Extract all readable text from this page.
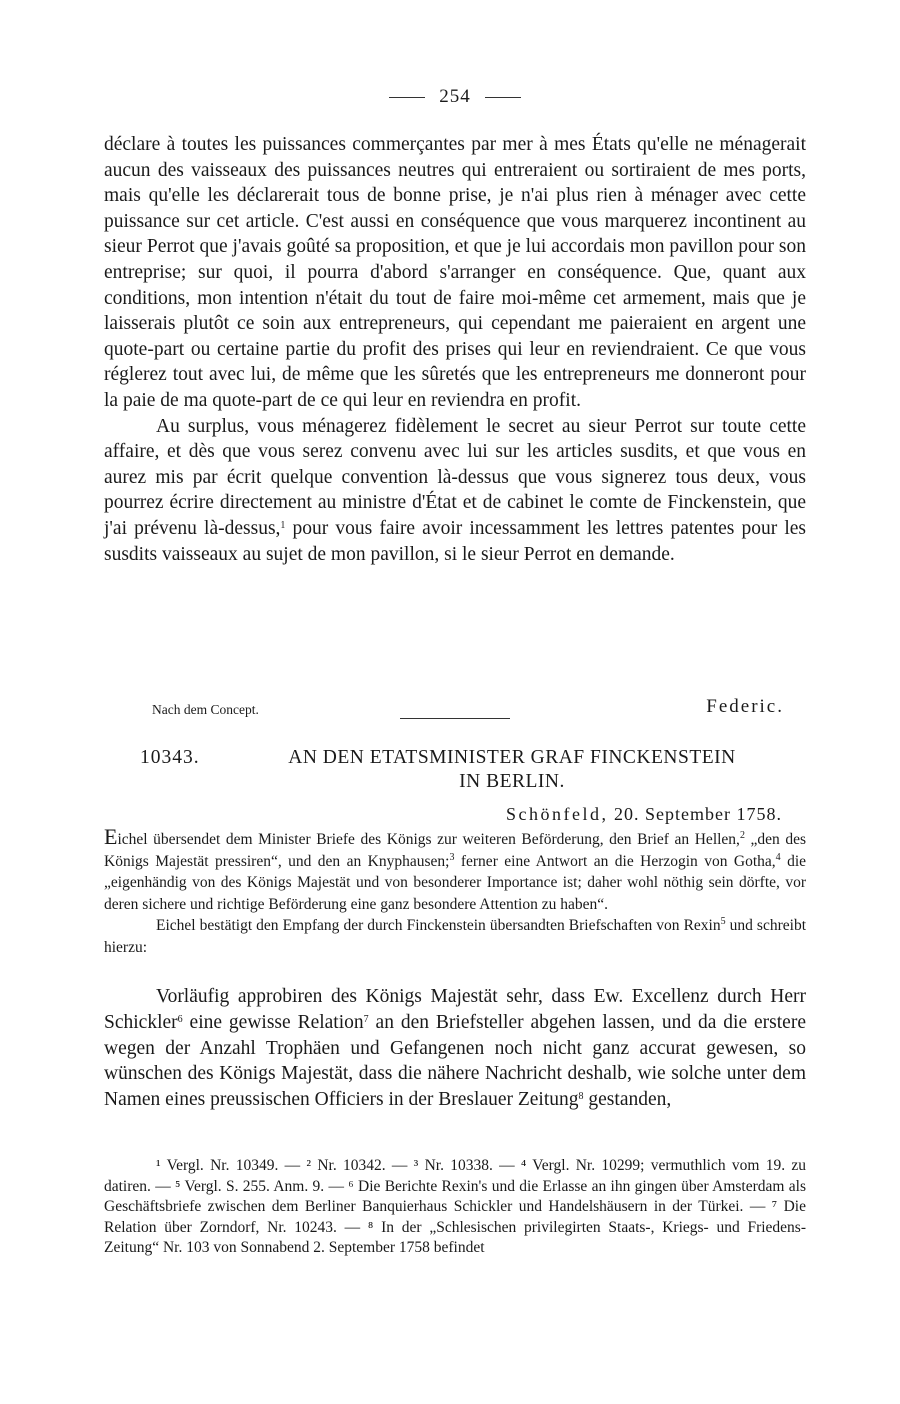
254

déclare à toutes les puissances commerçantes par mer à mes États qu'elle ne ménagerait aucun des vaisseaux des puissances neutres qui entreraient ou sortiraient de mes ports, mais qu'elle les déclarerait tous de bonne prise, je n'ai plus rien à ménager avec cette puissance sur cet article. C'est aussi en conséquence que vous marquerez incontinent au sieur Perrot que j'avais goûté sa proposition, et que je lui accordais mon pavillon pour son entreprise; sur quoi, il pourra d'abord s'arranger en conséquence. Que, quant aux conditions, mon intention n'était du tout de faire moi-même cet armement, mais que je laisserais plutôt ce soin aux entrepreneurs, qui cependant me paieraient en argent une quote-part ou certaine partie du profit des prises qui leur en reviendraient. Ce que vous réglerez tout avec lui, de même que les sûretés que les entrepreneurs me donneront pour la paie de ma quote-part de ce qui leur en reviendra en profit.

Au surplus, vous ménagerez fidèlement le secret au sieur Perrot sur toute cette affaire, et dès que vous serez convenu avec lui sur les articles susdits, et que vous en aurez mis par écrit quelque convention là-dessus que vous signerez tous deux, vous pourrez écrire directement au ministre d'État et de cabinet le comte de Finckenstein, que j'ai prévenu là-dessus,$^1$ pour vous faire avoir incessamment les lettres patentes pour les susdits vaisseaux au sujet de mon pavillon, si le sieur Perrot en demande.

Nach dem Concept.	Federic.
10343.	AN DEN ETATSMINISTER GRAF FINCKENSTEIN
IN BERLIN.
Schönfeld, 20. September 1758.

Eichel übersendet dem Minister Briefe des Königs zur weiteren Beförderung, den Brief an Hellen,$^2$ „den des Königs Majestät pressiren“, und den an Knyphausen;$^3$ ferner eine Antwort an die Herzogin von Gotha,$^4$ die „eigenhändig von des Königs Majestät und von besonderer Importance ist; daher wohl nöthig sein dörfte, vor deren sichere und richtige Beförderung eine ganz besondere Attention zu haben“.

Eichel bestätigt den Empfang der durch Finckenstein übersandten Briefschaften von Rexin$^5$ und schreibt hierzu:

Vorläufig approbiren des Königs Majestät sehr, dass Ew. Excellenz durch Herr Schickler$^6$ eine gewisse Relation$^7$ an den Briefsteller abgehen lassen, und da die erstere wegen der Anzahl Trophäen und Gefangenen noch nicht ganz accurat gewesen, so wünschen des Königs Majestät, dass die nähere Nachricht deshalb, wie solche unter dem Namen eines preussischen Officiers in der Breslauer Zeitung$^8$ gestanden,

¹ Vergl. Nr. 10349. — ² Nr. 10342. — ³ Nr. 10338. — ⁴ Vergl. Nr. 10299; vermuthlich vom 19. zu datiren. — ⁵ Vergl. S. 255. Anm. 9. — ⁶ Die Berichte Rexin's und die Erlasse an ihn gingen über Amsterdam als Geschäftsbriefe zwischen dem Berliner Banquierhaus Schickler und Handelshäusern in der Türkei. — ⁷ Die Relation über Zorndorf, Nr. 10243. — ⁸ In der „Schlesischen privilegirten Staats-, Kriegs- und Friedens-Zeitung“ Nr. 103 von Sonnabend 2. September 1758 befindet
